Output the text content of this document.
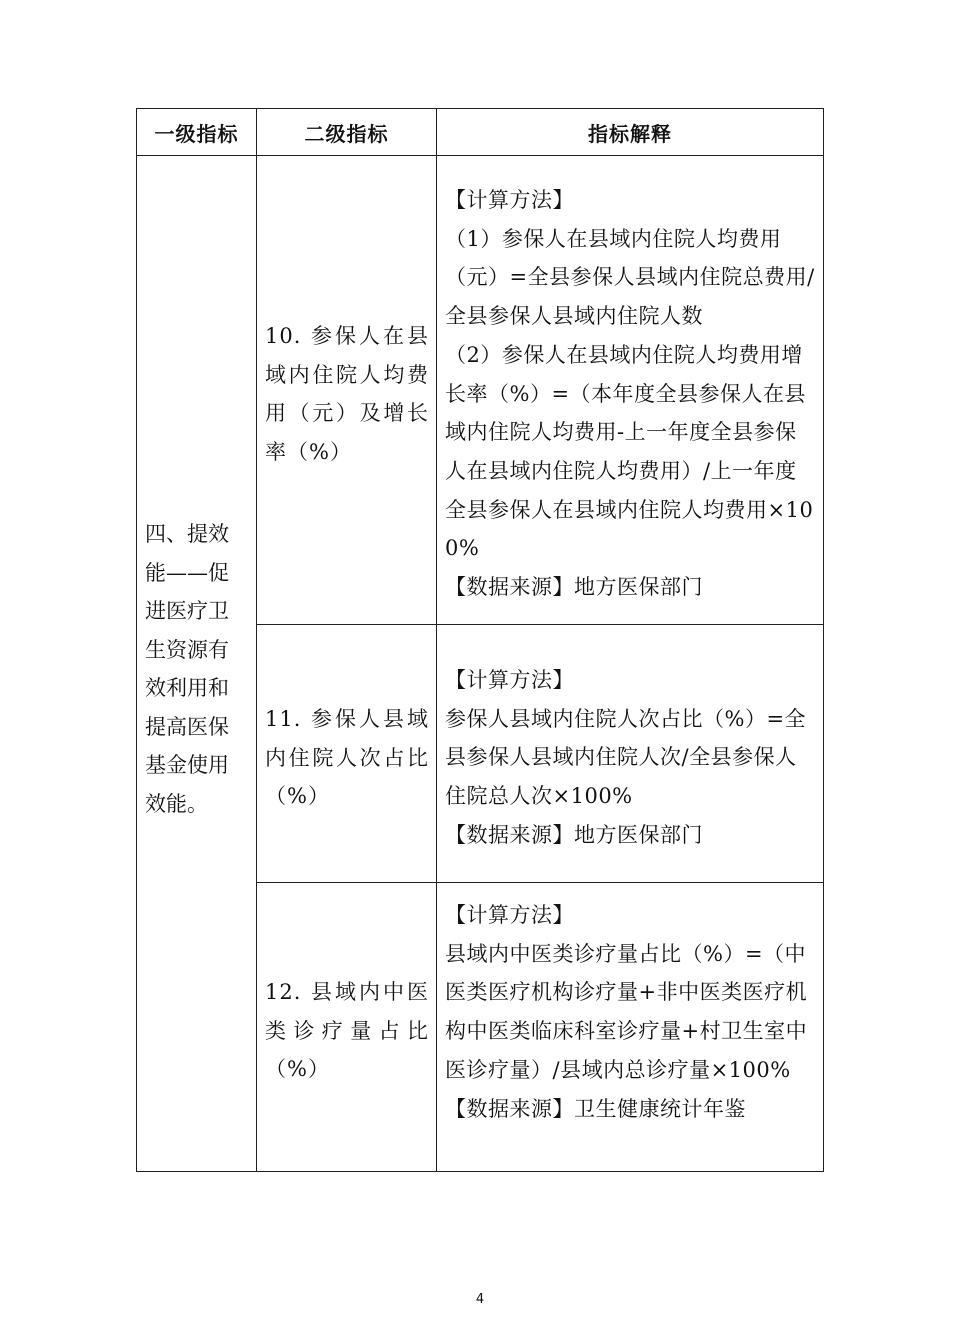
一级指标	二级指标	指标解释
四、提效能——促进医疗卫生资源有效利用和提高医保基金使用效能。
10. 参保人在县域内住院人均费用（元）及增长率（%）
【计算方法】
（1）参保人在县域内住院人均费用（元）=全县参保人县域内住院总费用/全县参保人县域内住院人数
（2）参保人在县域内住院人均费用增长率（%）=（本年度全县参保人在县域内住院人均费用-上一年度全县参保人在县域内住院人均费用）/上一年度全县参保人在县域内住院人均费用×100%
【数据来源】地方医保部门
11. 参保人县域内住院人次占比（%）
【计算方法】
参保人县域内住院人次占比（%）=全县参保人县域内住院人次/全县参保人住院总人次×100%
【数据来源】地方医保部门
12. 县域内中医类诊疗量占比（%）
【计算方法】
县域内中医类诊疗量占比（%）=（中医类医疗机构诊疗量+非中医类医疗机构中医类临床科室诊疗量+村卫生室中医诊疗量）/县域内总诊疗量×100%
【数据来源】卫生健康统计年鉴
4
